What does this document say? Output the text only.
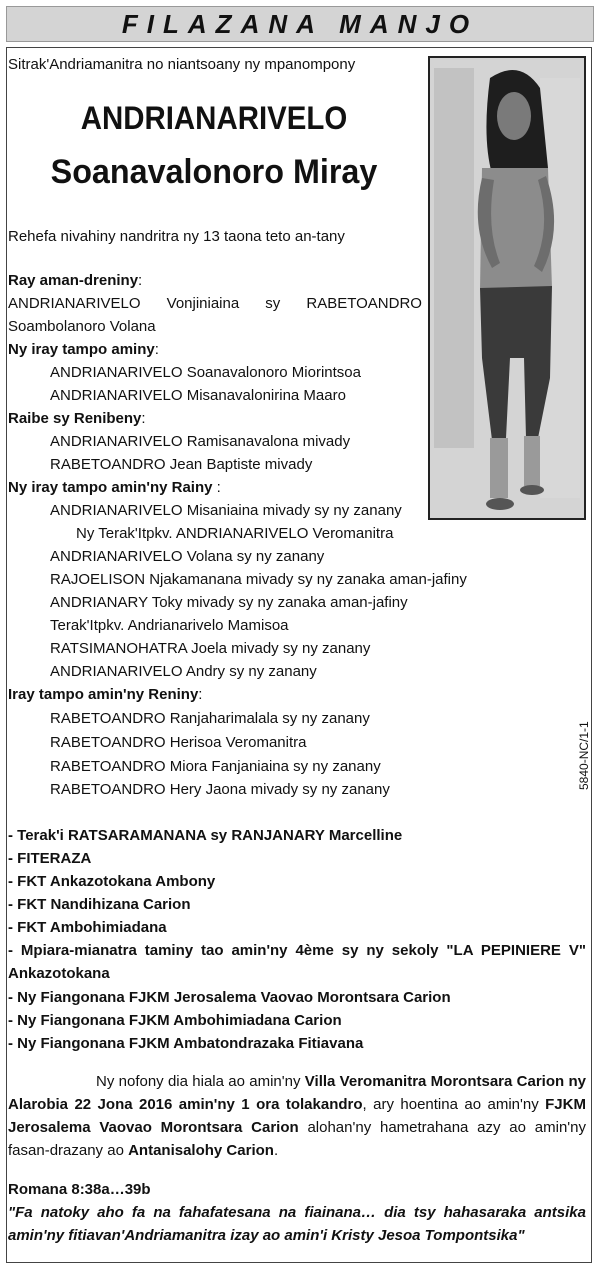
FILAZANA MANJO
5840-NC/1-1
Sitrak'Andriamanitra no niantsoany ny mpanompony
ANDRIANARIVELO
Soanavalonoro Miray
Rehefa nivahiny nandritra ny 13 taona teto an-tany
Ray aman-dreniny:
ANDRIANARIVELO Vonjiniaina sy RABETOANDRO
Soambolanoro Volana
Ny iray tampo aminy:
ANDRIANARIVELO Soanavalonoro Miorintsoa
ANDRIANARIVELO Misanavalonirina Maaro
Raibe sy Renibeny:
ANDRIANARIVELO Ramisanavalona mivady
RABETOANDRO Jean Baptiste mivady
Ny iray tampo amin'ny Rainy :
ANDRIANARIVELO Misaniaina mivady sy ny zanany
Ny Terak'Itpkv. ANDRIANARIVELO Veromanitra
ANDRIANARIVELO Volana sy ny zanany
RAJOELISON Njakamanana mivady sy ny zanaka aman-jafiny
ANDRIANARY Toky mivady sy ny zanaka aman-jafiny
Terak'Itpkv. Andrianarivelo Mamisoa
RATSIMANOHATRA Joela mivady sy ny zanany
ANDRIANARIVELO Andry sy ny zanany
Iray tampo amin'ny Reniny:
RABETOANDRO Ranjaharimalala sy ny zanany
RABETOANDRO Herisoa Veromanitra
RABETOANDRO Miora Fanjaniaina sy ny zanany
RABETOANDRO Hery Jaona mivady sy ny zanany
- Terak'i RATSARAMANANA sy RANJANARY Marcelline
- FITERAZA
- FKT Ankazotokana Ambony
- FKT Nandihizana Carion
- FKT Ambohimiadana
- Mpiara-mianatra taminy tao amin'ny 4ème sy ny sekoly "LA PEPINIERE V" Ankazotokana
- Ny Fiangonana FJKM Jerosalema Vaovao Morontsara Carion
- Ny Fiangonana FJKM Ambohimiadana Carion
- Ny Fiangonana FJKM Ambatondrazaka Fitiavana
Ny nofony dia hiala ao amin'ny Villa Veromanitra Morontsara Carion ny Alarobia 22 Jona 2016 amin'ny 1 ora tolakandro, ary hoentina ao amin'ny FJKM Jerosalema Vaovao Morontsara Carion alohan'ny hametrahana azy ao amin'ny fasan-drazany ao Antanisalohy Carion.
Romana 8:38a…39b
"Fa natoky aho fa na fahafatesana na fiainana… dia tsy hahasaraka antsika amin'ny fitiavan'Andriamanitra izay ao amin'i Kristy Jesoa Tompontsika"
